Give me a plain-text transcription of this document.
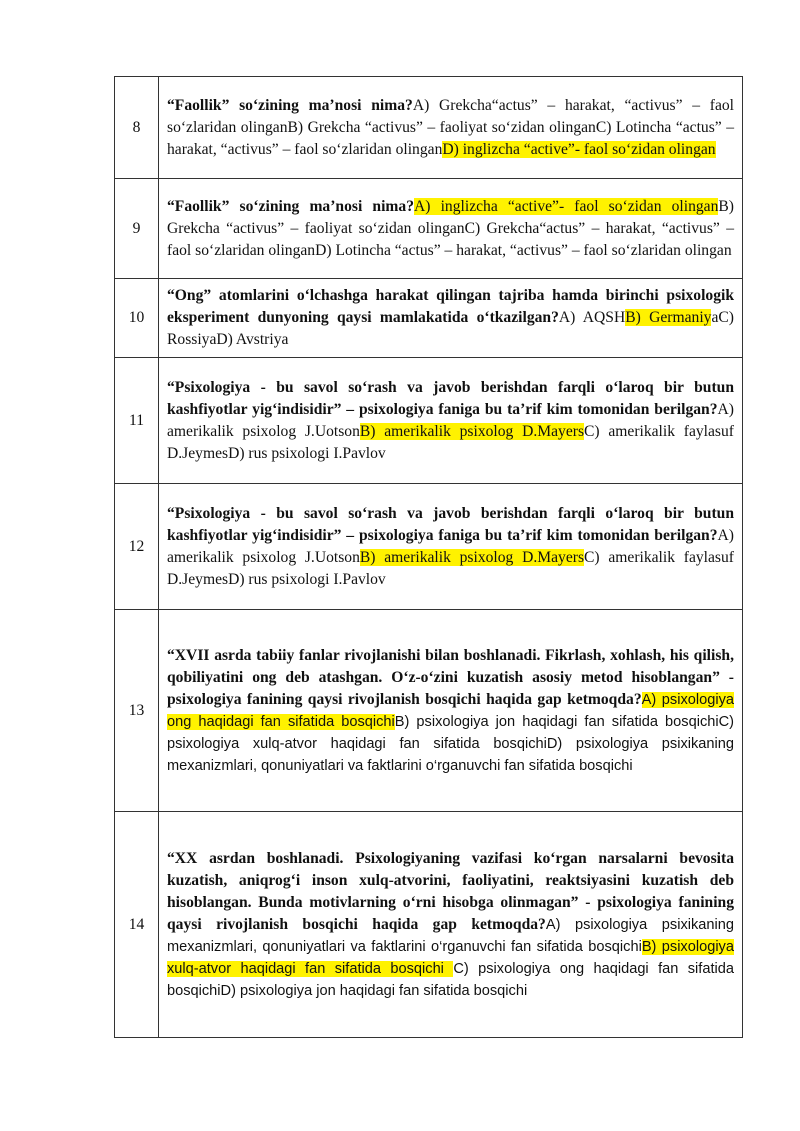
8	“Faollik” so‘zining ma’nosi nima?A) Grekcha“actus” – harakat, “activus” – faol so‘zlaridan olinganB) Grekcha “activus” – faoliyat so‘zidan olinganC) Lotincha “actus” – harakat, “activus” – faol so‘zlaridan olinganD) inglizcha “active”- faol so‘zidan olingan
9	“Faollik” so‘zining ma’nosi nima?A) inglizcha “active”- faol so‘zidan olinganB) Grekcha “activus” – faoliyat so‘zidan olinganC) Grekcha“actus” – harakat, “activus” – faol so‘zlaridan olinganD) Lotincha “actus” – harakat, “activus” – faol so‘zlaridan olingan
10	“Ong” atomlarini o‘lchashga harakat qilingan tajriba hamda birinchi psixologik eksperiment dunyoning qaysi mamlakatida o‘tkazilgan?A) AQSHB) GermaniyaC) RossiyaD) Avstriya
11	“Psixologiya - bu savol so‘rash va javob berishdan farqli o‘laroq bir butun kashfiyotlar yig‘indisidir” – psixologiya faniga bu ta’rif kim tomonidan berilgan?A) amerikalik psixolog J.UotsonB) amerikalik psixolog D.MayersC) amerikalik faylasuf D.JeymesD) rus psixologi I.Pavlov
12	“Psixologiya - bu savol so‘rash va javob berishdan farqli o‘laroq bir butun kashfiyotlar yig‘indisidir” – psixologiya faniga bu ta’rif kim tomonidan berilgan?A) amerikalik psixolog J.UotsonB) amerikalik psixolog D.MayersC) amerikalik faylasuf D.JeymesD) rus psixologi I.Pavlov
13	“XVII asrda tabiiy fanlar rivojlanishi bilan boshlanadi. Fikrlash, xohlash, his qilish, qobiliyatini ong deb atashgan. O‘z-o‘zini kuzatish asosiy metod hisoblangan” -psixologiya fanining qaysi rivojlanish bosqichi haqida gap ketmoqda?A) psixologiya ong haqidagi fan sifatida bosqichiB) psixologiya jon haqidagi fan sifatida bosqichiC) psixologiya xulq-atvor haqidagi fan sifatida bosqichiD) psixologiya psixikaning mexanizmlari, qonuniyatlari va faktlarini o‘rganuvchi fan sifatida bosqichi
14	“XX asrdan boshlanadi. Psixologiyaning vazifasi ko‘rgan narsalarni bevosita kuzatish, aniqrog‘i inson xulq-atvorini, faoliyatini, reaktsiyasini kuzatish deb hisoblangan. Bunda motivlarning o‘rni hisobga olinmagan” - psixologiya fanining qaysi rivojlanish bosqichi haqida gap ketmoqda?A) psixologiya psixikaning mexanizmlari, qonuniyatlari va faktlarini o‘rganuvchi fan sifatida bosqichiB) psixologiya xulq-atvor haqidagi fan sifatida bosqichi C) psixologiya ong haqidagi fan sifatida bosqichiD) psixologiya jon haqidagi fan sifatida bosqichi
